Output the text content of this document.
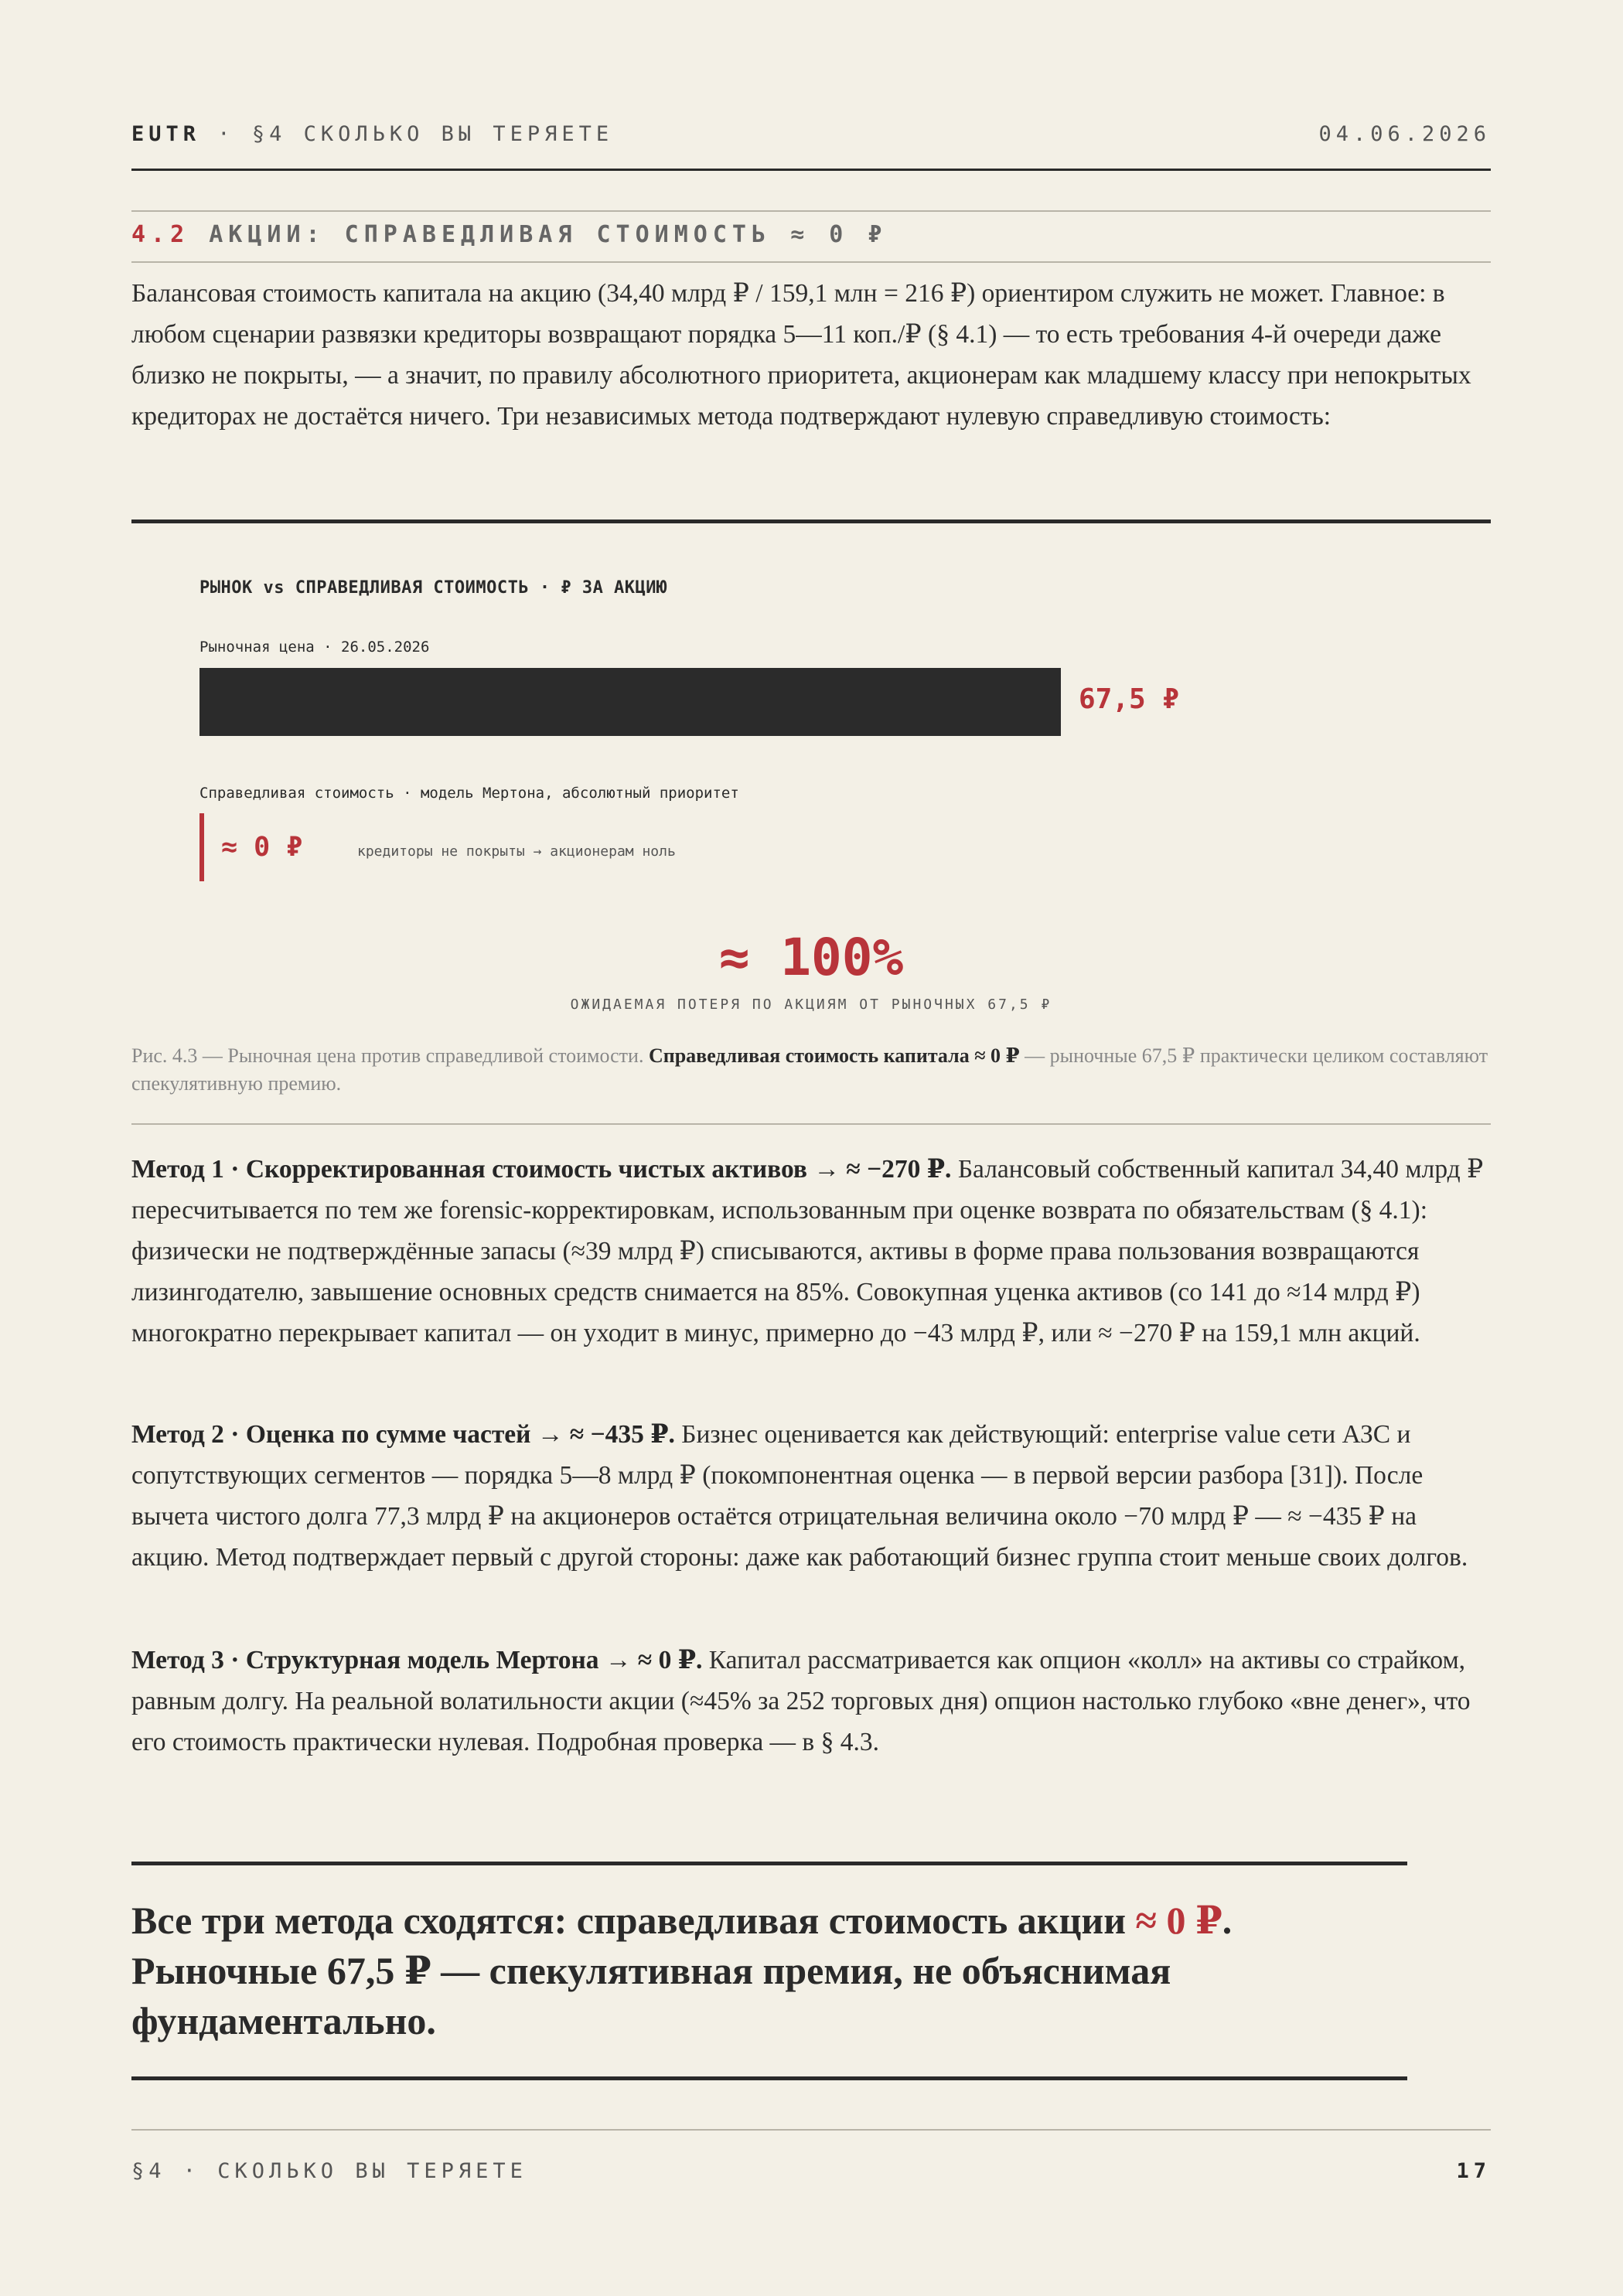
EUTR · §4 СКОЛЬКО ВЫ ТЕРЯЕТЕ	04.06.2026
4.2 АКЦИИ: СПРАВЕДЛИВАЯ СТОИМОСТЬ ≈ 0 ₽

Балансовая стоимость капитала на акцию (34,40 млрд ₽ / 159,1 млн = 216 ₽) ориентиром служить не может. Главное: в любом сценарии развязки кредиторы возвращают порядка 5—11 коп./₽ (§ 4.1) — то есть требования 4-й очереди даже близко не покрыты, — а значит, по правилу абсолютного приоритета, акционерам как младшему классу при непокрытых кредиторах не достаётся ничего. Три независимых метода подтверждают нулевую справедливую стоимость:

РЫНОК vs СПРАВЕДЛИВАЯ СТОИМОСТЬ · ₽ ЗА АКЦИЮ
Рыночная цена · 26.05.2026
67,5 ₽
Справедливая стоимость · модель Мертона, абсолютный приоритет
≈ 0 ₽	кредиторы не покрыты → акционерам ноль
≈ 100%
ОЖИДАЕМАЯ ПОТЕРЯ ПО АКЦИЯМ ОТ РЫНОЧНЫХ 67,5 ₽

Рис. 4.3 — Рыночная цена против справедливой стоимости. Справедливая стоимость капитала ≈ 0 ₽ — рыночные 67,5 ₽ практически целиком составляют спекулятивную премию.

Метод 1 · Скорректированная стоимость чистых активов → ≈ −270 ₽. Балансовый собственный капитал 34,40 млрд ₽ пересчитывается по тем же forensic-корректировкам, использованным при оценке возврата по обязательствам (§ 4.1): физически не подтверждённые запасы (≈39 млрд ₽) списываются, активы в форме права пользования возвращаются лизингодателю, завышение основных средств снимается на 85%. Совокупная уценка активов (со 141 до ≈14 млрд ₽) многократно перекрывает капитал — он уходит в минус, примерно до −43 млрд ₽, или ≈ −270 ₽ на 159,1 млн акций.

Метод 2 · Оценка по сумме частей → ≈ −435 ₽. Бизнес оценивается как действующий: enterprise value сети АЗС и сопутствующих сегментов — порядка 5—8 млрд ₽ (покомпонентная оценка — в первой версии разбора [31]). После вычета чистого долга 77,3 млрд ₽ на акционеров остаётся отрицательная величина около −70 млрд ₽ — ≈ −435 ₽ на акцию. Метод подтверждает первый с другой стороны: даже как работающий бизнес группа стоит меньше своих долгов.

Метод 3 · Структурная модель Мертона → ≈ 0 ₽. Капитал рассматривается как опцион «колл» на активы со страйком, равным долгу. На реальной волатильности акции (≈45% за 252 торговых дня) опцион настолько глубоко «вне денег», что его стоимость практически нулевая. Подробная проверка — в § 4.3.

Все три метода сходятся: справедливая стоимость акции ≈ 0 ₽. Рыночные 67,5 ₽ — спекулятивная премия, не объяснимая фундаментально.

§4 · СКОЛЬКО ВЫ ТЕРЯЕТЕ	17
